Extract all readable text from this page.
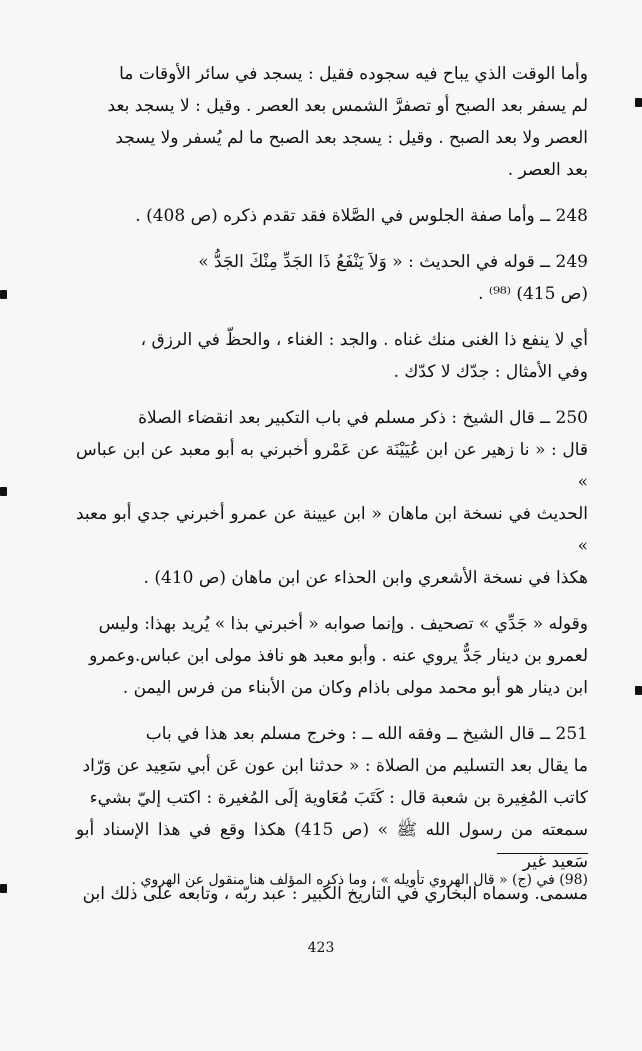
وأما الوقت الذي يباح فيه سجوده فقيل : يسجد في سائر الأوقات ما
لم يسفر بعد الصبح أو تصفرَّ الشمس بعد العصر . وقيل : لا يسجد بعد
العصر ولا بعد الصبح . وقيل : يسجد بعد الصبح ما لم يُسفر ولا يسجد
بعد العصر .
248 ــ وأما صفة الجلوس في الصَّلاة فقد تقدم ذكره (ص 408) .
249 ــ قوله في الحديث : « وَلاَ يَنْفَعُ ذَا الجَدِّ مِنْكَ الجَدُّ »
(ص 415) ⁽⁹⁸⁾ .
أي لا ينفع ذا الغنى منك غناه . والجد : الغناء ، والحظّ في الرزق ،
وفي الأمثال : جدّك لا كدّك .
250 ــ قال الشيخ : ذكر مسلم في باب التكبير بعد انقضاء الصلاة
قال : « نا زهير عن ابن عُيَيْنَة عن عَمْرو أخبرني به أبو معبد عن ابن عباس »
الحديث في نسخة ابن ماهان « ابن عيينة عن عمرو أخبرني جدي أبو معبد »
هكذا في نسخة الأشعري وابن الحذاء عن ابن ماهان (ص 410) .
وقوله « جَدِّي » تصحيف . وإنما صوابه « أخبرني بذا » يُريد بهذا: وليس
لعمرو بن دينار جَدٌّ يروي عنه . وأبو معبد هو نافذ مولى ابن عباس.وعمرو
ابن دينار هو أبو محمد مولى باذام وكان من الأبناء من فرس اليمن .
251 ــ قال الشيخ ــ وفقه الله ــ : وخرج مسلم بعد هذا في باب
ما يقال بعد التسليم من الصلاة : « حدثنا ابن عون عَن أبي سَعِيد عن وَرّاد
كاتب المُغِيرة بن شعبة قال : كَتَبَ مُعَاوية إلَى المُغيرة : اكتب إليّ بشيء
سمعته من رسول الله ﷺ » (ص 415) هكذا وقع في هذا الإسناد أبو سَعيد غير
مسمى. وسماه البخاري في التاريخ الكبير : عبد ربّه ، وتابعه على ذلك ابن
(98) في (ج) « قال الهروي تأويله » ، وما ذكره المؤلف هنا منقول عن الهروي .
423
